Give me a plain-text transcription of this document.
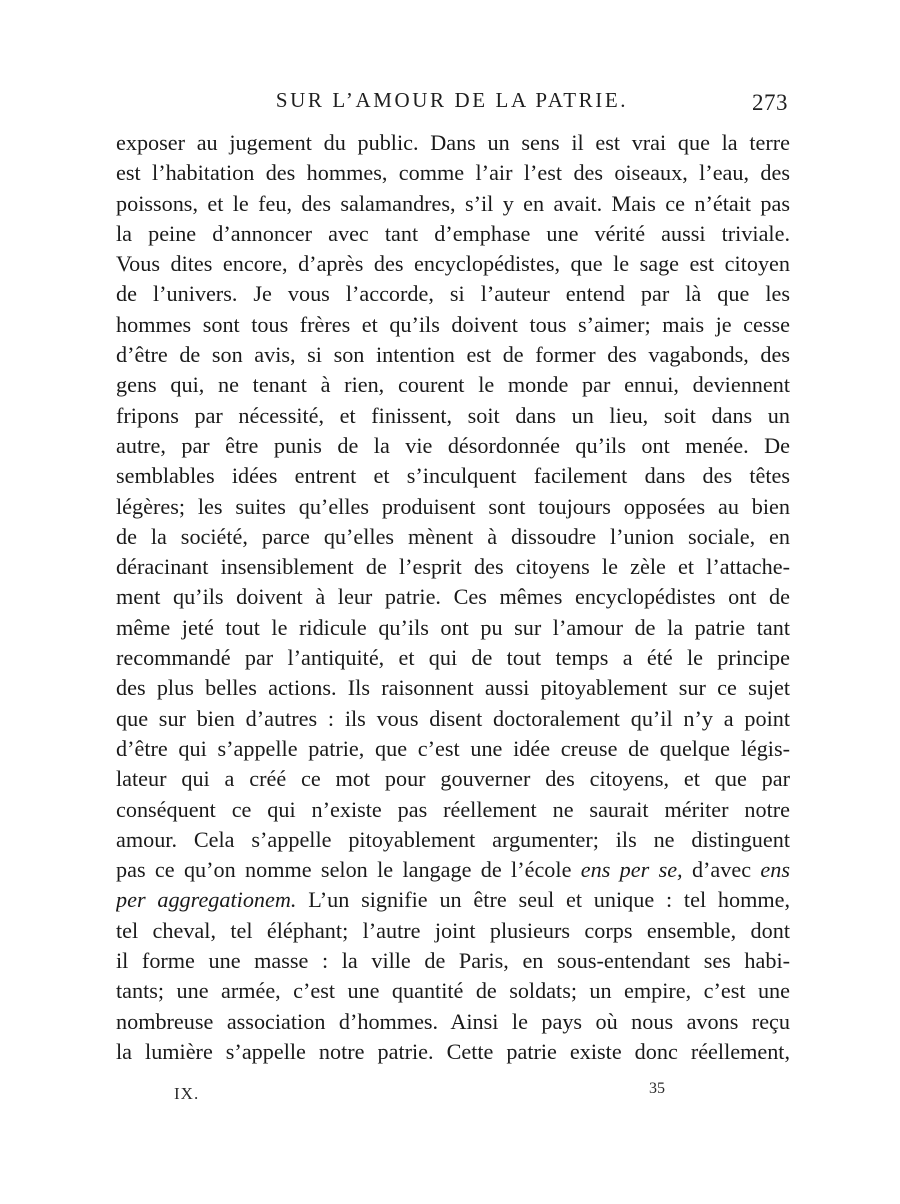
SUR L’AMOUR DE LA PATRIE.	273
exposer au jugement du public. Dans un sens il est vrai que la terre
est l’habitation des hommes, comme l’air l’est des oiseaux, l’eau, des
poissons, et le feu, des salamandres, s’il y en avait. Mais ce n’était pas
la peine d’annoncer avec tant d’emphase une vérité aussi triviale.
Vous dites encore, d’après des encyclopédistes, que le sage est citoyen
de l’univers. Je vous l’accorde, si l’auteur entend par là que les
hommes sont tous frères et qu’ils doivent tous s’aimer; mais je cesse
d’être de son avis, si son intention est de former des vagabonds, des
gens qui, ne tenant à rien, courent le monde par ennui, deviennent
fripons par nécessité, et finissent, soit dans un lieu, soit dans un
autre, par être punis de la vie désordonnée qu’ils ont menée. De
semblables idées entrent et s’inculquent facilement dans des têtes
légères; les suites qu’elles produisent sont toujours opposées au bien
de la société, parce qu’elles mènent à dissoudre l’union sociale, en
déracinant insensiblement de l’esprit des citoyens le zèle et l’attache-
ment qu’ils doivent à leur patrie. Ces mêmes encyclopédistes ont de
même jeté tout le ridicule qu’ils ont pu sur l’amour de la patrie tant
recommandé par l’antiquité, et qui de tout temps a été le principe
des plus belles actions. Ils raisonnent aussi pitoyablement sur ce sujet
que sur bien d’autres : ils vous disent doctoralement qu’il n’y a point
d’être qui s’appelle patrie, que c’est une idée creuse de quelque légis-
lateur qui a créé ce mot pour gouverner des citoyens, et que par
conséquent ce qui n’existe pas réellement ne saurait mériter notre
amour. Cela s’appelle pitoyablement argumenter; ils ne distinguent
pas ce qu’on nomme selon le langage de l’école ens per se, d’avec ens
per aggregationem. L’un signifie un être seul et unique : tel homme,
tel cheval, tel éléphant; l’autre joint plusieurs corps ensemble, dont
il forme une masse : la ville de Paris, en sous-entendant ses habi-
tants; une armée, c’est une quantité de soldats; un empire, c’est une
nombreuse association d’hommes. Ainsi le pays où nous avons reçu
la lumière s’appelle notre patrie. Cette patrie existe donc réellement,
IX.	35
